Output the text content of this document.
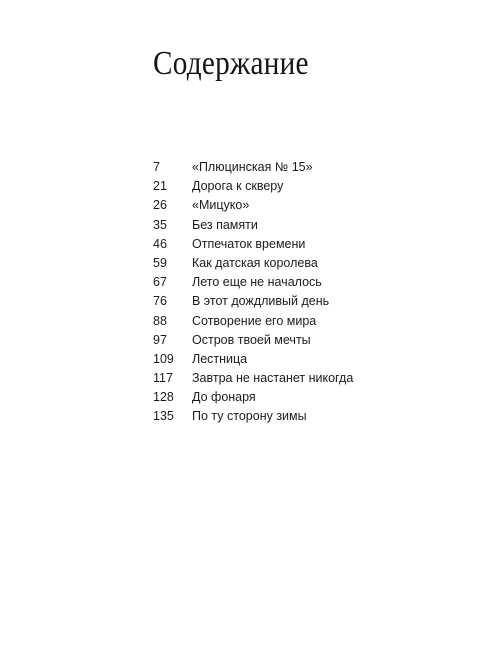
Содержание
7	«Плюцинская № 15»
21	Дорога к скверу
26	«Мицуко»
35	Без памяти
46	Отпечаток времени
59	Как датская королева
67	Лето еще не началось
76	В этот дождливый день
88	Сотворение его мира
97	Остров твоей мечты
109	Лестница
117	Завтра не настанет никогда
128	До фонаря
135	По ту сторону зимы
